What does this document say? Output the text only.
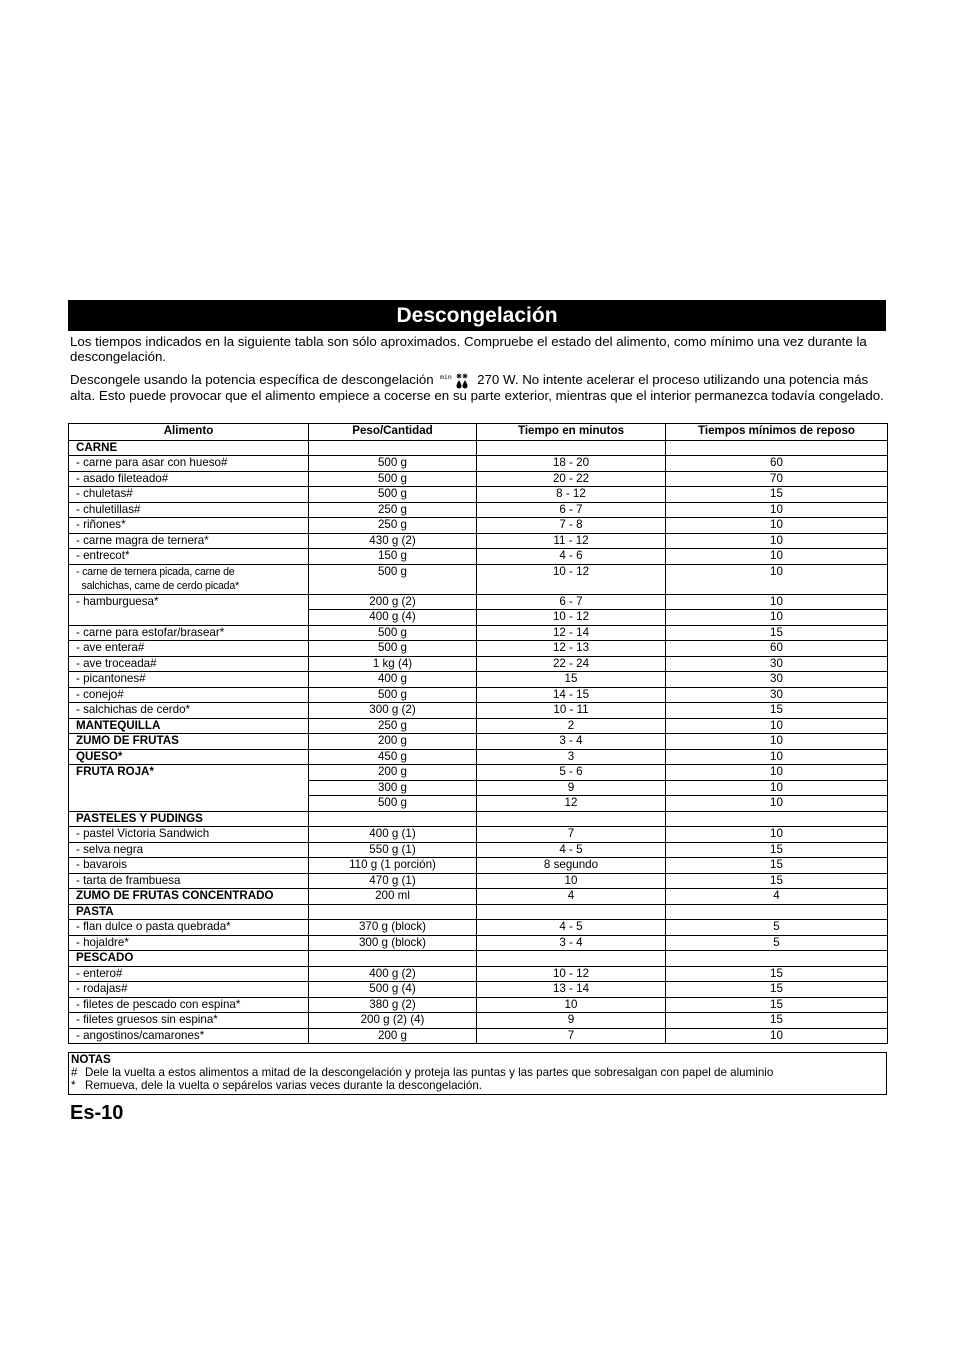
Descongelación
Los tiempos indicados en la siguiente tabla son sólo aproximados. Compruebe el estado del alimento, como mínimo una vez durante la descongelación.
Descongele usando la potencia específica de descongelación min 270 W. No intente acelerar el proceso utilizando una potencia más alta. Esto puede provocar que el alimento empiece a cocerse en su parte exterior, mientras que el interior permanezca todavía congelado.
Alimento	Peso/Cantidad	Tiempo en minutos	Tiempos mínimos de reposo
CARNE			
- carne para asar con hueso#	500 g	18 - 20	60
- asado fileteado#	500 g	20 - 22	70
- chuletas#	500 g	8 - 12	15
- chuletillas#	250 g	6 - 7	10
- riñones*	250 g	7 - 8	10
- carne magra de ternera*	430 g (2)	11 - 12	10
- entrecot*	150 g	4 - 6	10

- carne de ternera picada, carne de
salchichas, carne de cerdo picada*	500 g	10 - 12	10
- hamburguesa*	200 g (2)	6 - 7	10
	400 g (4)	10 - 12	10
- carne para estofar/brasear*	500 g	12 - 14	15
- ave entera#	500 g	12 - 13	60
- ave troceada#	1 kg (4)	22 - 24	30
- picantones#	400 g	15	30
- conejo#	500 g	14 - 15	30
- salchichas de cerdo*	300 g (2)	10 - 11	15
MANTEQUILLA	250 g	2	10
ZUMO DE FRUTAS	200 g	3 - 4	10
QUESO*	450 g	3	10
FRUTA ROJA*	200 g	5 - 6	10
	300 g	9	10
	500 g	12	10
PASTELES Y PUDINGS			
- pastel Victoria Sandwich	400 g (1)	7	10
- selva negra	550 g (1)	4 - 5	15
- bavarois	110 g (1 porción)	8 segundo	15
- tarta de frambuesa	470 g (1)	10	15
ZUMO DE FRUTAS CONCENTRADO	200 ml	4	4
PASTA			
- flan dulce o pasta quebrada*	370 g (block)	4 - 5	5
- hojaldre*	300 g (block)	3 - 4	5
PESCADO			
- entero#	400 g (2)	10 - 12	15
- rodajas#	500 g (4)	13 - 14	15
- filetes de pescado con espina*	380 g (2)	10	15
- filetes gruesos sin espina*	200 g (2) (4)	9	15
- angostinos/camarones*	200 g	7	10
NOTAS
# Dele la vuelta a estos alimentos a mitad de la descongelación y proteja las puntas y las partes que sobresalgan con papel de aluminio
* Remueva, dele la vuelta o sepárelos varias veces durante la descongelación.
Es-10
